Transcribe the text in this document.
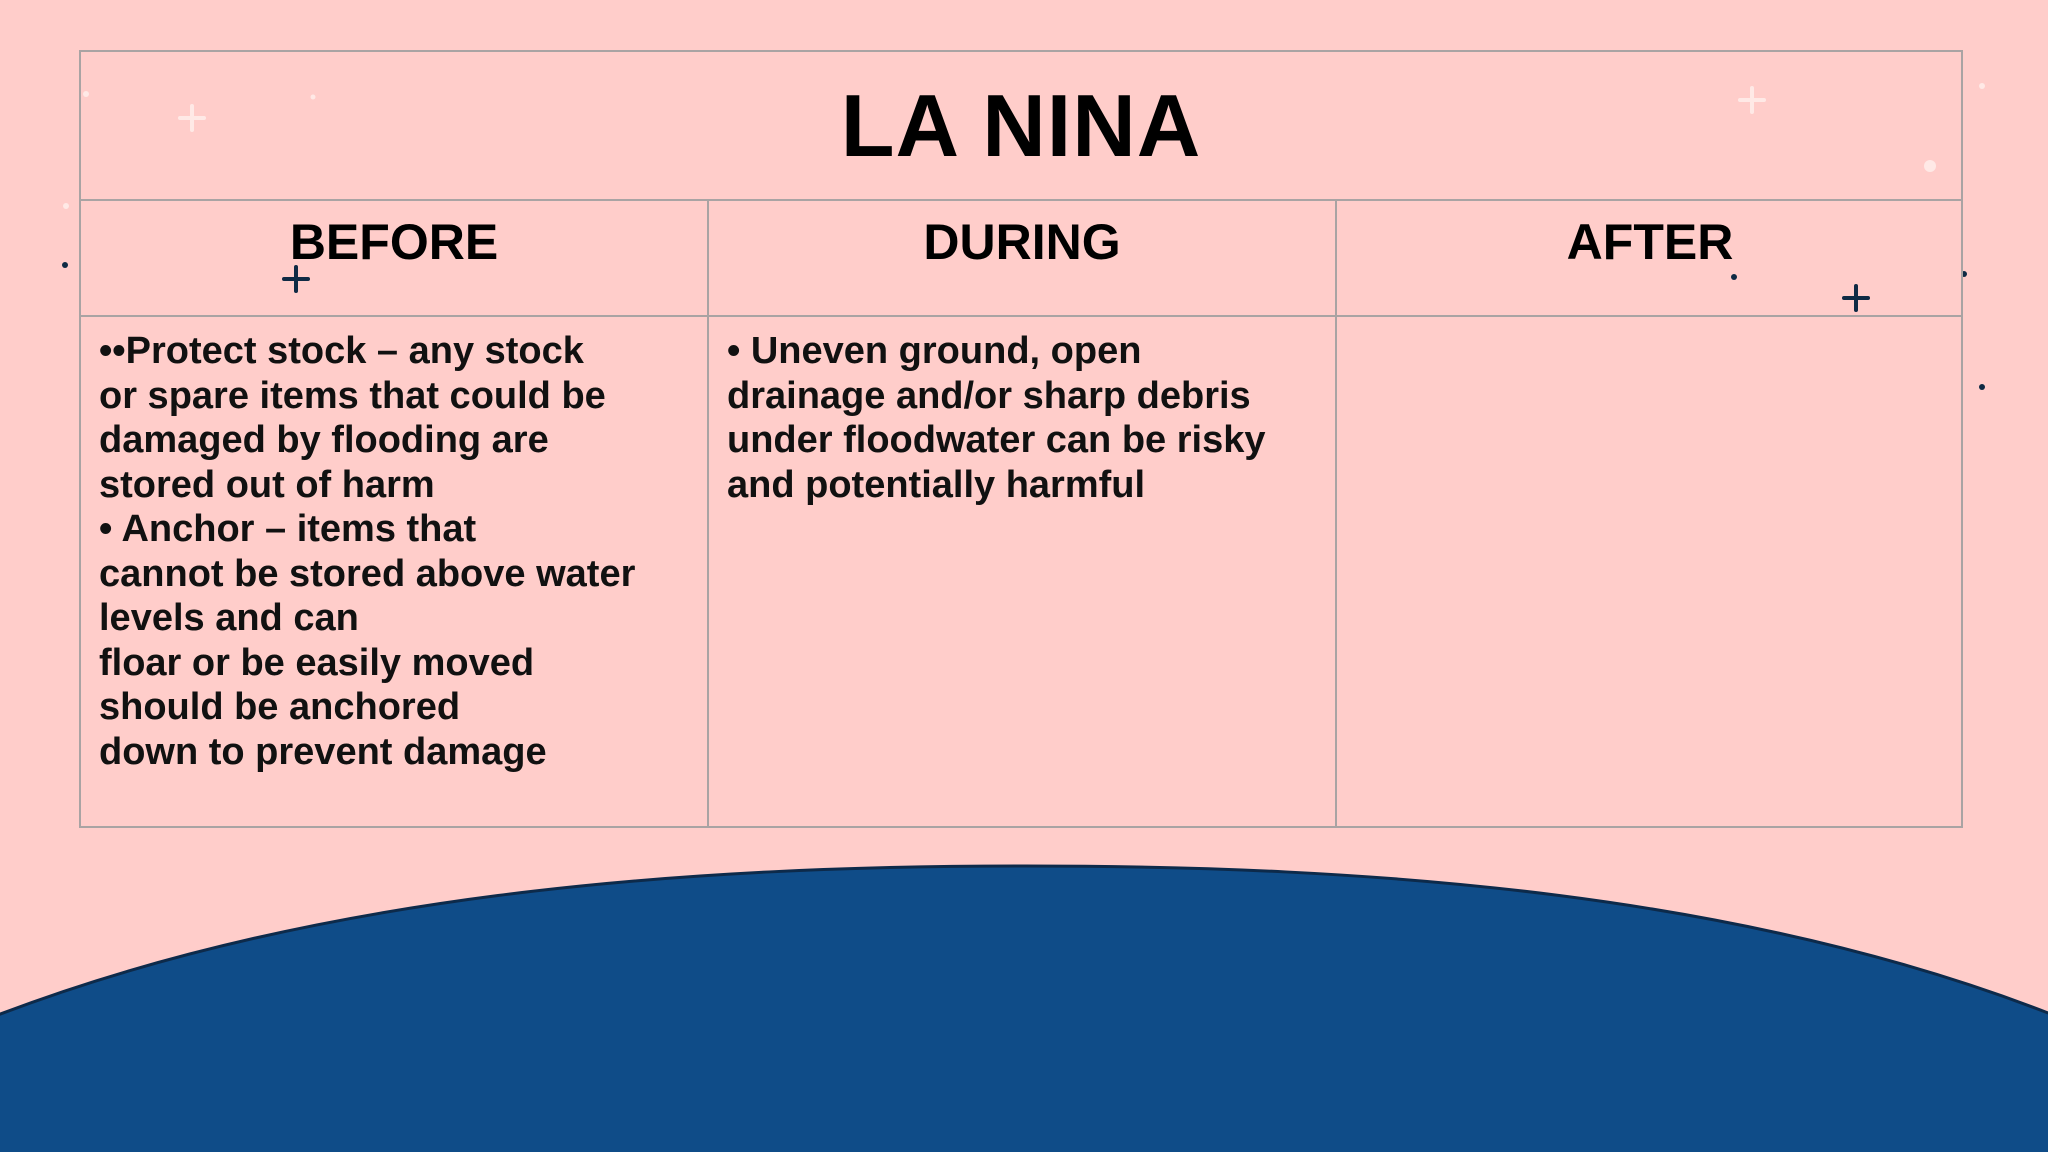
LA NINA
BEFORE

••Protect stock – any stock

or spare items that could be

damaged by flooding are

stored out of harm

• Anchor – items that

cannot be stored above water

levels and can

floar or be easily moved

should be anchored

down to prevent damage

DURING

• Uneven ground, open

drainage and/or sharp debris

under floodwater can be risky

and potentially harmful

AFTER
